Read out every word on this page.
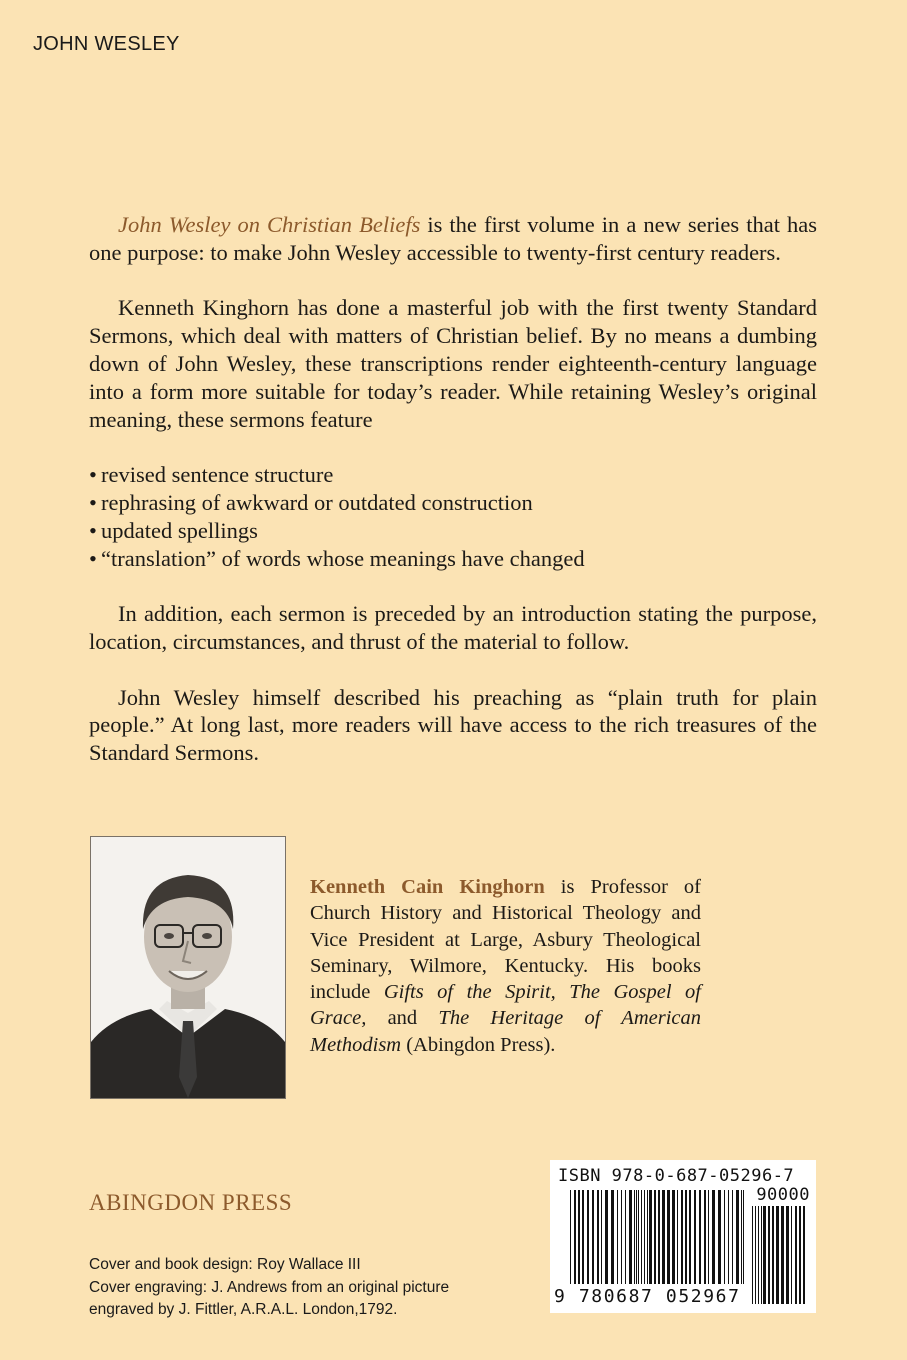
JOHN WESLEY

John Wesley on Christian Beliefs is the first volume in a new series that has one purpose: to make John Wesley accessible to twenty-first century readers.

Kenneth Kinghorn has done a masterful job with the first twenty Standard Sermons, which deal with matters of Christian belief. By no means a dumbing down of John Wesley, these transcriptions render eighteenth-century language into a form more suitable for today’s reader. While retaining Wesley’s original meaning, these sermons feature

• revised sentence structure
• rephrasing of awkward or outdated construction
• updated spellings
• “translation” of words whose meanings have changed

In addition, each sermon is preceded by an introduction stating the purpose, location, circumstances, and thrust of the material to follow.

John Wesley himself described his preaching as “plain truth for plain people.” At long last, more readers will have access to the rich treasures of the Standard Sermons.

Kenneth Cain Kinghorn is Professor of Church History and Historical Theology and Vice President at Large, Asbury Theological Seminary, Wilmore, Kentucky. His books include Gifts of the Spirit, The Gospel of Grace, and The Heritage of American Methodism (Abingdon Press).
ABINGDON PRESS
Cover and book design: Roy Wallace III
Cover engraving: J. Andrews from an original picture
engraved by J. Fittler, A.R.A.L. London,1792.
ISBN 978-0-687-05296-7
90000
9 780687 052967
